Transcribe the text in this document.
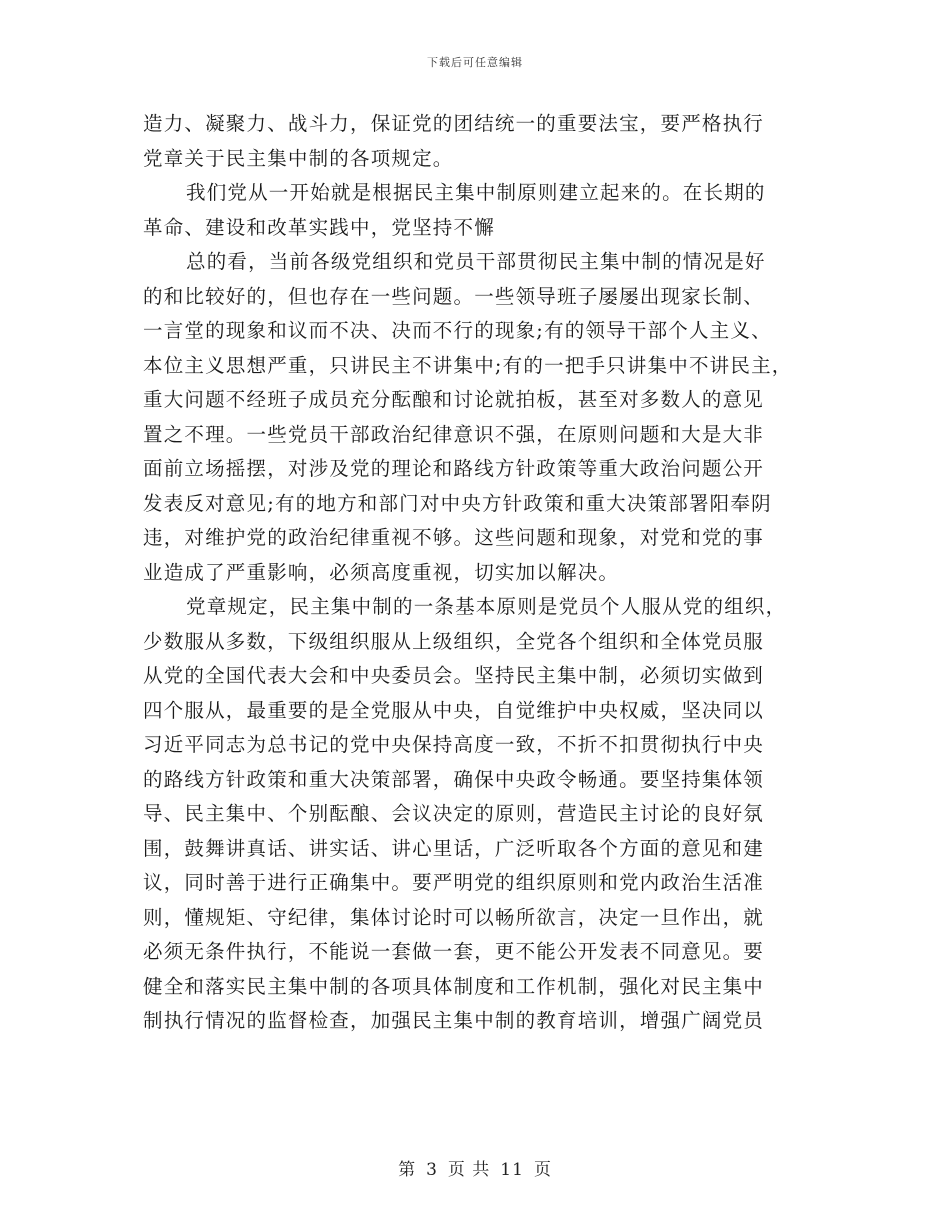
下载后可任意编辑
造力、凝聚力、战斗力，保证党的团结统一的重要法宝，要严格执行
党章关于民主集中制的各项规定。
我们党从一开始就是根据民主集中制原则建立起来的。在长期的
革命、建设和改革实践中，党坚持不懈
总的看，当前各级党组织和党员干部贯彻民主集中制的情况是好
的和比较好的，但也存在一些问题。一些领导班子屡屡出现家长制、
一言堂的现象和议而不决、决而不行的现象;有的领导干部个人主义、
本位主义思想严重，只讲民主不讲集中;有的一把手只讲集中不讲民主，
重大问题不经班子成员充分酝酿和讨论就拍板，甚至对多数人的意见
置之不理。一些党员干部政治纪律意识不强，在原则问题和大是大非
面前立场摇摆，对涉及党的理论和路线方针政策等重大政治问题公开
发表反对意见;有的地方和部门对中央方针政策和重大决策部署阳奉阴
违，对维护党的政治纪律重视不够。这些问题和现象，对党和党的事
业造成了严重影响，必须高度重视，切实加以解决。
党章规定，民主集中制的一条基本原则是党员个人服从党的组织，
少数服从多数，下级组织服从上级组织，全党各个组织和全体党员服
从党的全国代表大会和中央委员会。坚持民主集中制，必须切实做到
四个服从，最重要的是全党服从中央，自觉维护中央权威，坚决同以
习近平同志为总书记的党中央保持高度一致，不折不扣贯彻执行中央
的路线方针政策和重大决策部署，确保中央政令畅通。要坚持集体领
导、民主集中、个别酝酿、会议决定的原则，营造民主讨论的良好氛
围，鼓舞讲真话、讲实话、讲心里话，广泛听取各个方面的意见和建
议，同时善于进行正确集中。要严明党的组织原则和党内政治生活准
则，懂规矩、守纪律，集体讨论时可以畅所欲言，决定一旦作出，就
必须无条件执行，不能说一套做一套，更不能公开发表不同意见。要
健全和落实民主集中制的各项具体制度和工作机制，强化对民主集中
制执行情况的监督检查，加强民主集中制的教育培训，增强广阔党员
第 3 页 共 11 页
